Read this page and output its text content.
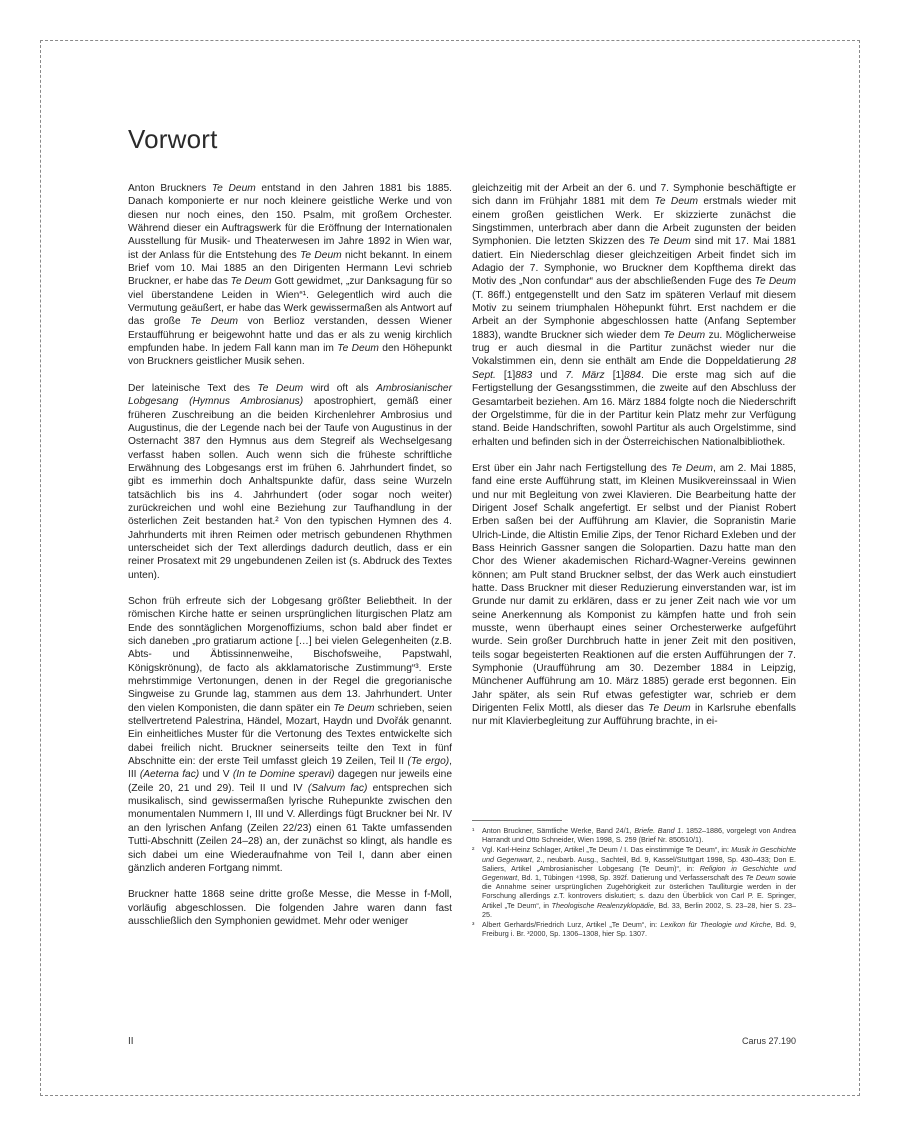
Vorwort

Anton Bruckners Te Deum entstand in den Jahren 1881 bis 1885. Danach komponierte er nur noch kleinere geistliche Werke und von diesen nur noch eines, den 150. Psalm, mit großem Orchester. Während dieser ein Auftragswerk für die Eröffnung der Internationalen Ausstellung für Musik- und Theaterwesen im Jahre 1892 in Wien war, ist der Anlass für die Entstehung des Te Deum nicht bekannt. In einem Brief vom 10. Mai 1885 an den Dirigenten Hermann Levi schrieb Bruckner, er habe das Te Deum Gott gewidmet, „zur Danksagung für so viel überstandene Leiden in Wien“¹. Gelegentlich wird auch die Vermutung geäußert, er habe das Werk gewissermaßen als Antwort auf das große Te Deum von Berlioz verstanden, dessen Wiener Erstaufführung er beigewohnt hatte und das er als zu wenig kirchlich empfunden habe. In jedem Fall kann man im Te Deum den Höhepunkt von Bruckners geistlicher Musik sehen.

Der lateinische Text des Te Deum wird oft als Ambrosianischer Lobgesang (Hymnus Ambrosianus) apostrophiert, gemäß einer früheren Zuschreibung an die beiden Kirchenlehrer Ambrosius und Augustinus, die der Legende nach bei der Taufe von Augustinus in der Osternacht 387 den Hymnus aus dem Stegreif als Wechselgesang verfasst haben sollen. Auch wenn sich die früheste schriftliche Erwähnung des Lobgesangs erst im frühen 6. Jahrhundert findet, so gibt es immerhin doch Anhaltspunkte dafür, dass seine Wurzeln tatsächlich bis ins 4. Jahrhundert (oder sogar noch weiter) zurückreichen und wohl eine Beziehung zur Taufhandlung in der österlichen Zeit bestanden hat.² Von den typischen Hymnen des 4. Jahrhunderts mit ihren Reimen oder metrisch gebundenen Rhythmen unterscheidet sich der Text allerdings dadurch deutlich, dass er ein reiner Prosatext mit 29 ungebundenen Zeilen ist (s. Abdruck des Textes unten).

Schon früh erfreute sich der Lobgesang größter Beliebtheit. In der römischen Kirche hatte er seinen ursprünglichen liturgischen Platz am Ende des sonntäglichen Morgenoffiziums, schon bald aber findet er sich daneben „pro gratiarum actione […] bei vielen Gelegenheiten (z.B. Abts- und Äbtissinnenweihe, Bischofsweihe, Papstwahl, Königskrönung), de facto als akklamatorische Zustimmung“³. Erste mehrstimmige Vertonungen, denen in der Regel die gregorianische Singweise zu Grunde lag, stammen aus dem 13. Jahrhundert. Unter den vielen Komponisten, die dann später ein Te Deum schrieben, seien stellvertretend Palestrina, Händel, Mozart, Haydn und Dvořák genannt. Ein einheitliches Muster für die Vertonung des Textes entwickelte sich dabei freilich nicht. Bruckner seinerseits teilte den Text in fünf Abschnitte ein: der erste Teil umfasst gleich 19 Zeilen, Teil II (Te ergo), III (Aeterna fac) und V (In te Domine speravi) dagegen nur jeweils eine (Zeile 20, 21 und 29). Teil II und IV (Salvum fac) entsprechen sich musikalisch, sind gewissermaßen lyrische Ruhepunkte zwischen den monumentalen Nummern I, III und V. Allerdings fügt Bruckner bei Nr. IV an den lyrischen Anfang (Zeilen 22/23) einen 61 Takte umfassenden Tutti-Abschnitt (Zeilen 24–28) an, der zunächst so klingt, als handle es sich dabei um eine Wiederaufnahme von Teil I, dann aber einen gänzlich anderen Fortgang nimmt.

Bruckner hatte 1868 seine dritte große Messe, die Messe in f-Moll, vorläufig abgeschlossen. Die folgenden Jahre waren dann fast ausschließlich den Symphonien gewidmet. Mehr oder weniger

gleichzeitig mit der Arbeit an der 6. und 7. Symphonie beschäftigte er sich dann im Frühjahr 1881 mit dem Te Deum erstmals wieder mit einem großen geistlichen Werk. Er skizzierte zunächst die Singstimmen, unterbrach aber dann die Arbeit zugunsten der beiden Symphonien. Die letzten Skizzen des Te Deum sind mit 17. Mai 1881 datiert. Ein Niederschlag dieser gleichzeitigen Arbeit findet sich im Adagio der 7. Symphonie, wo Bruckner dem Kopfthema direkt das Motiv des „Non confundar“ aus der abschließenden Fuge des Te Deum (T. 86ff.) entgegenstellt und den Satz im späteren Verlauf mit diesem Motiv zu seinem triumphalen Höhepunkt führt. Erst nachdem er die Arbeit an der Symphonie abgeschlossen hatte (Anfang September 1883), wandte Bruckner sich wieder dem Te Deum zu. Möglicherweise trug er auch diesmal in die Partitur zunächst wieder nur die Vokalstimmen ein, denn sie enthält am Ende die Doppeldatierung 28 Sept. [1]883 und 7. März [1]884. Die erste mag sich auf die Fertigstellung der Gesangsstimmen, die zweite auf den Abschluss der Gesamtarbeit beziehen. Am 16. März 1884 folgte noch die Niederschrift der Orgelstimme, für die in der Partitur kein Platz mehr zur Verfügung stand. Beide Handschriften, sowohl Partitur als auch Orgelstimme, sind erhalten und befinden sich in der Österreichischen Nationalbibliothek.

Erst über ein Jahr nach Fertigstellung des Te Deum, am 2. Mai 1885, fand eine erste Aufführung statt, im Kleinen Musikvereinssaal in Wien und nur mit Begleitung von zwei Klavieren. Die Bearbeitung hatte der Dirigent Josef Schalk angefertigt. Er selbst und der Pianist Robert Erben saßen bei der Aufführung am Klavier, die Sopranistin Marie Ulrich-Linde, die Altistin Emilie Zips, der Tenor Richard Exleben und der Bass Heinrich Gassner sangen die Solopartien. Dazu hatte man den Chor des Wiener akademischen Richard-Wagner-Vereins gewinnen können; am Pult stand Bruckner selbst, der das Werk auch einstudiert hatte. Dass Bruckner mit dieser Reduzierung einverstanden war, ist im Grunde nur damit zu erklären, dass er zu jener Zeit nach wie vor um seine Anerkennung als Komponist zu kämpfen hatte und froh sein musste, wenn überhaupt eines seiner Orchesterwerke aufgeführt wurde. Sein großer Durchbruch hatte in jener Zeit mit den positiven, teils sogar begeisterten Reaktionen auf die ersten Aufführungen der 7. Symphonie (Uraufführung am 30. Dezember 1884 in Leipzig, Münchener Aufführung am 10. März 1885) gerade erst begonnen. Ein Jahr später, als sein Ruf etwas gefestigter war, schrieb er dem Dirigenten Felix Mottl, als dieser das Te Deum in Karlsruhe ebenfalls nur mit Klavierbegleitung zur Aufführung brachte, in ei-

¹	Anton Bruckner, Sämtliche Werke, Band 24/1, Briefe. Band 1. 1852–1886, vorgelegt von Andrea Harrandt und Otto Schneider, Wien 1998, S. 259 (Brief Nr. 850510/1).
²	Vgl. Karl-Heinz Schlager, Artikel „Te Deum / I. Das einstimmige Te Deum“, in: Musik in Geschichte und Gegenwart, 2., neubarb. Ausg., Sachteil, Bd. 9, Kassel/Stuttgart 1998, Sp. 430–433; Don E. Saliers, Artikel „Ambrosianischer Lobgesang (Te Deum)“, in: Religion in Geschichte und Gegenwart, Bd. 1, Tübingen ⁴1998, Sp. 392f. Datierung und Verfasserschaft des Te Deum sowie die Annahme seiner ursprünglichen Zugehörigkeit zur österlichen Tauſliturgie werden in der Forschung allerdings z.T. kontrovers diskutiert; s. dazu den Überblick von Carl P. E. Springer, Artikel „Te Deum“, in Theologische Realenzyklopädie, Bd. 33, Berlin 2002, S. 23–28, hier S. 23–25.
³	Albert Gerhards/Friedrich Lurz, Artikel „Te Deum“, in: Lexikon für Theologie und Kirche, Bd. 9, Freiburg i. Br. ³2000, Sp. 1306–1308, hier Sp. 1307.
II	Carus 27.190
